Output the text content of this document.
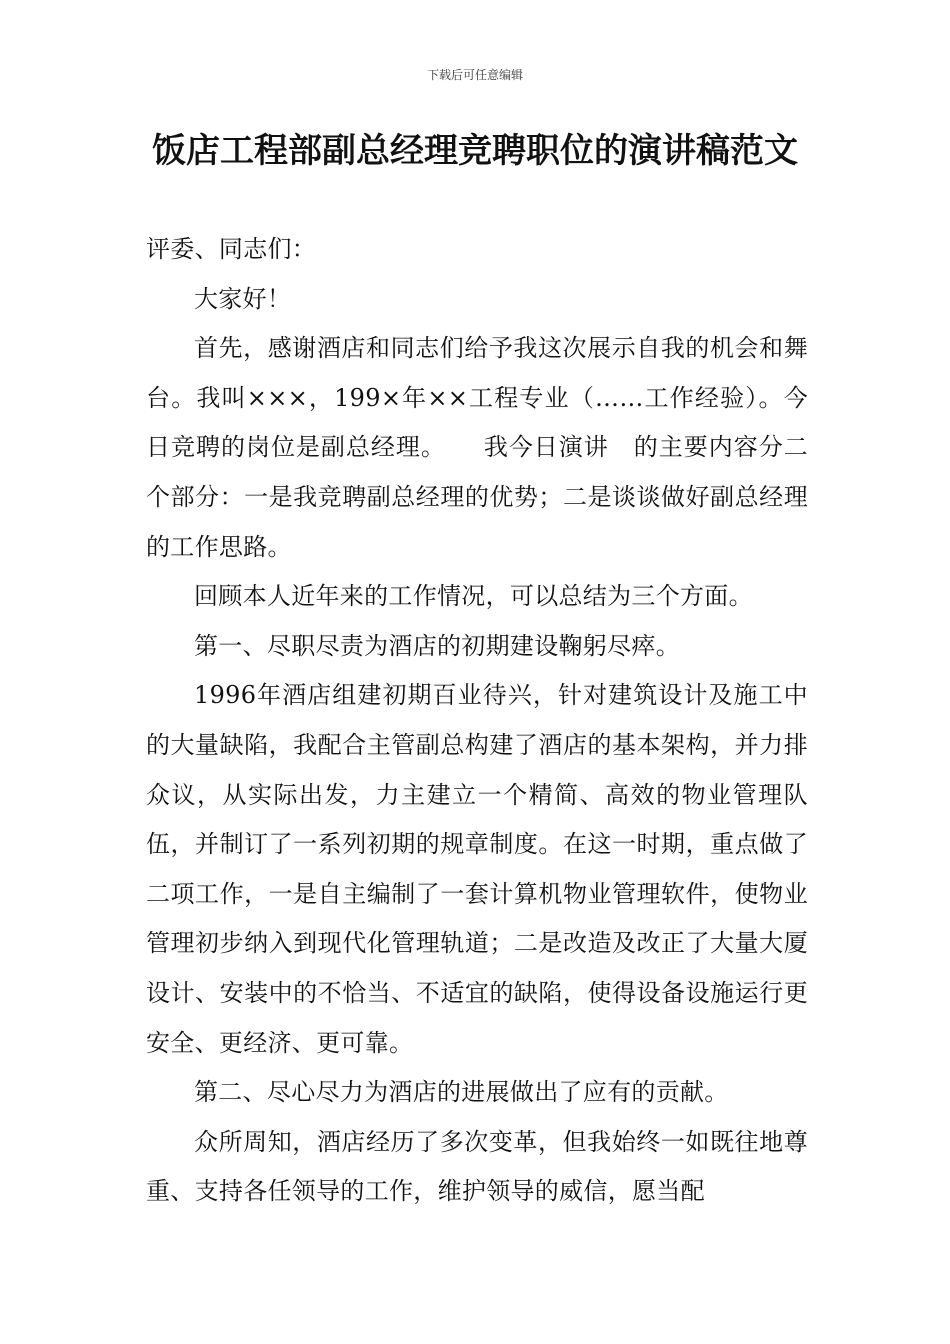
下载后可任意编辑
饭店工程部副总经理竞聘职位的演讲稿范文

评委、同志们：

大家好！

首先，感谢酒店和同志们给予我这次展示自我的机会和舞台。我叫×××，199×年××工程专业（……工作经验）。今日竞聘的岗位是副总经理。　　我今日演讲　的主要内容分二个部分：一是我竞聘副总经理的优势；二是谈谈做好副总经理的工作思路。

回顾本人近年来的工作情况，可以总结为三个方面。

第一、尽职尽责为酒店的初期建设鞠躬尽瘁。

1996年酒店组建初期百业待兴，针对建筑设计及施工中的大量缺陷，我配合主管副总构建了酒店的基本架构，并力排众议，从实际出发，力主建立一个精简、高效的物业管理队伍，并制订了一系列初期的规章制度。在这一时期，重点做了二项工作，一是自主编制了一套计算机物业管理软件，使物业管理初步纳入到现代化管理轨道；二是改造及改正了大量大厦设计、安装中的不恰当、不适宜的缺陷，使得设备设施运行更安全、更经济、更可靠。

第二、尽心尽力为酒店的进展做出了应有的贡献。

众所周知，酒店经历了多次变革，但我始终一如既往地尊重、支持各任领导的工作，维护领导的威信，愿当配
